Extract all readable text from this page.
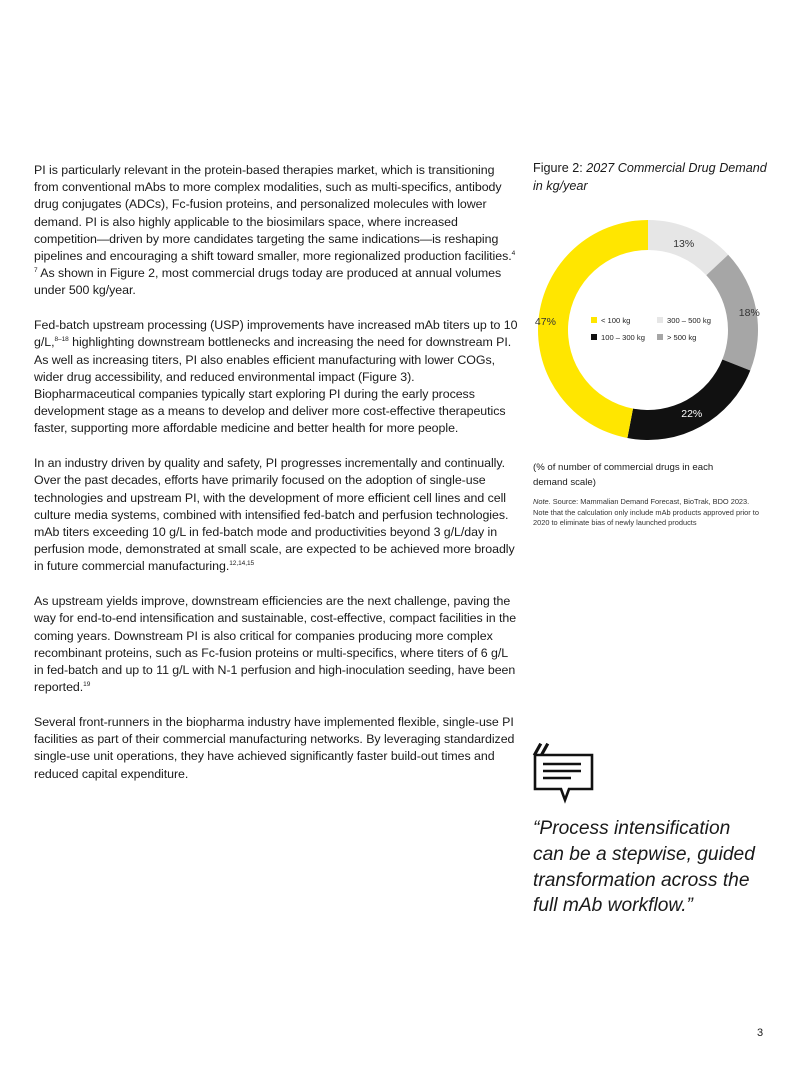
PI is particularly relevant in the protein-based therapies market, which is transitioning from conventional mAbs to more complex modalities, such as multi-specifics, antibody drug conjugates (ADCs), Fc-fusion proteins, and personalized molecules with lower demand. PI is also highly applicable to the biosimilars space, where increased competition—driven by more candidates targeting the same indications—is reshaping pipelines and encouraging a shift toward smaller, more regionalized production facilities.$^{4 7}$ As shown in Figure 2, most commercial drugs today are produced at annual volumes under 500 kg/year.

Fed-batch upstream processing (USP) improvements have increased mAb titers up to 10 g/L,$^{8-18}$ highlighting downstream bottlenecks and increasing the need for downstream PI. As well as increasing titers, PI also enables efficient manufacturing with lower COGs, wider drug accessibility, and reduced environmental impact (Figure 3). Biopharmaceutical companies typically start exploring PI during the early process development stage as a means to develop and deliver more cost-effective therapeutics faster, supporting more affordable medicine and better health for more people.

In an industry driven by quality and safety, PI progresses incrementally and continually. Over the past decades, efforts have primarily focused on the adoption of single-use technologies and upstream PI, with the development of more efficient cell lines and cell culture media systems, combined with intensified fed-batch and perfusion technologies. mAb titers exceeding 10 g/L in fed-batch mode and productivities beyond 3 g/L/day in perfusion mode, demonstrated at small scale, are expected to be achieved more broadly in future commercial manufacturing.$^{12,14,15}$

As upstream yields improve, downstream efficiencies are the next challenge, paving the way for end-to-end intensification and sustainable, cost-effective, compact facilities in the coming years. Downstream PI is also critical for companies producing more complex recombinant proteins, such as Fc-fusion proteins or multi-specifics, where titers of 6 g/L in fed-batch and up to 11 g/L with N-1 perfusion and high-inoculation seeding, have been reported.$^{19}$

Several front-runners in the biopharma industry have implemented flexible, single-use PI facilities as part of their commercial manufacturing networks. By leveraging standardized single-use unit operations, they have achieved significantly faster build-out times and reduced capital expenditure.

Figure 2: 2027 Commercial Drug Demand in kg/year

13%
18%
22%
47%	< 100 kg	300 – 500 kg
100 – 300 kg	> 500 kg
(% of number of commercial drugs in each demand scale)
Note. Source: Mammalian Demand Forecast, BioTrak, BDO 2023. Note that the calculation only include mAb products approved prior to 2020 to eliminate bias of newly launched products
“Process intensification can be a stepwise, guided transformation across the full mAb workflow.”
3
